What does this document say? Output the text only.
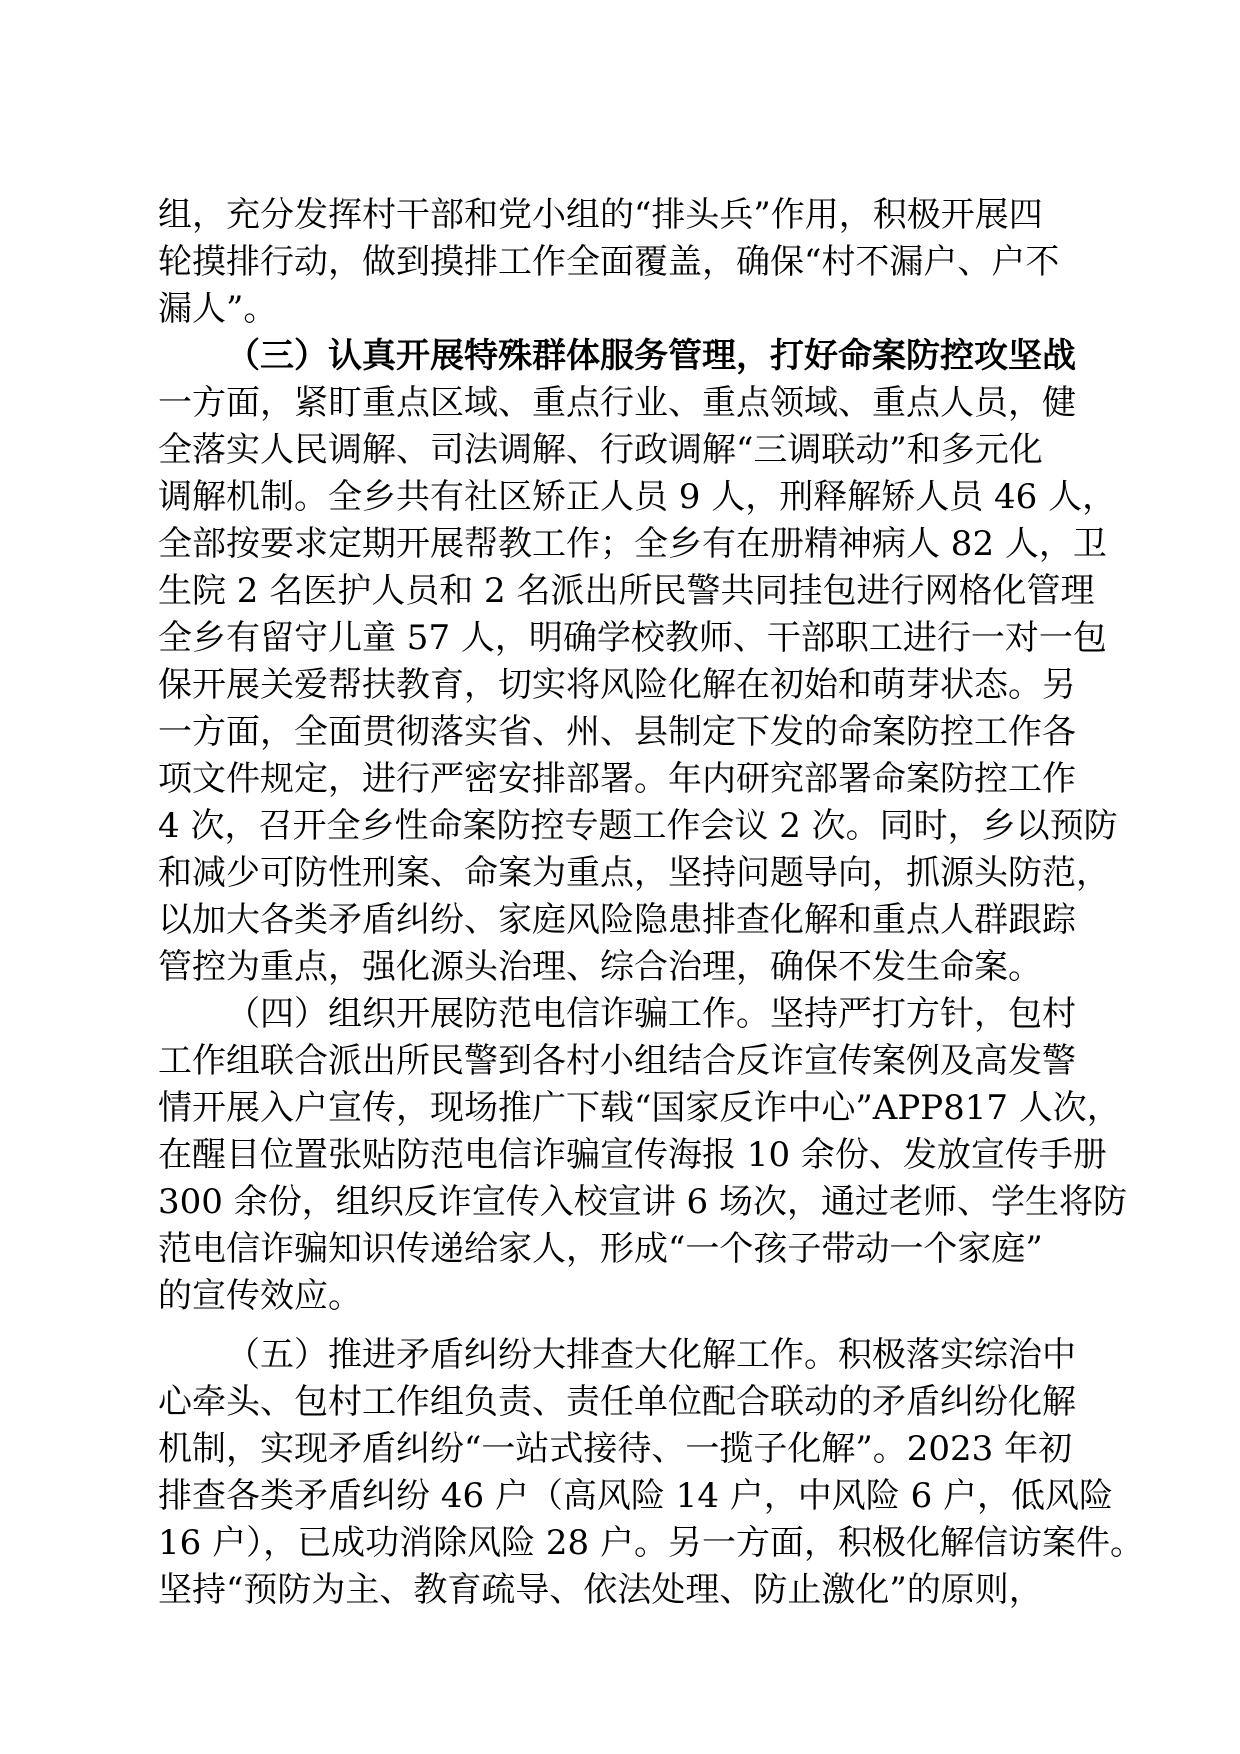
组，充分发挥村干部和党小组的“排头兵”作用，积极开展四
轮摸排行动，做到摸排工作全面覆盖，确保“村不漏户、户不
漏人”。
（三）认真开展特殊群体服务管理，打好命案防控攻坚战
一方面，紧盯重点区域、重点行业、重点领域、重点人员，健
全落实人民调解、司法调解、行政调解“三调联动”和多元化
调解机制。全乡共有社区矫正人员 9 人，刑释解矫人员 46 人，
全部按要求定期开展帮教工作；全乡有在册精神病人 82 人，卫
生院 2 名医护人员和 2 名派出所民警共同挂包进行网格化管理
全乡有留守儿童 57 人，明确学校教师、干部职工进行一对一包
保开展关爱帮扶教育，切实将风险化解在初始和萌芽状态。另
一方面，全面贯彻落实省、州、县制定下发的命案防控工作各
项文件规定，进行严密安排部署。年内研究部署命案防控工作
4 次，召开全乡性命案防控专题工作会议 2 次。同时，乡以预防
和减少可防性刑案、命案为重点，坚持问题导向，抓源头防范，
以加大各类矛盾纠纷、家庭风险隐患排查化解和重点人群跟踪
管控为重点，强化源头治理、综合治理，确保不发生命案。
（四）组织开展防范电信诈骗工作。坚持严打方针，包村
工作组联合派出所民警到各村小组结合反诈宣传案例及高发警
情开展入户宣传，现场推广下载“国家反诈中心”APP817 人次，
在醒目位置张贴防范电信诈骗宣传海报 10 余份、发放宣传手册
300 余份，组织反诈宣传入校宣讲 6 场次，通过老师、学生将防
范电信诈骗知识传递给家人，形成“一个孩子带动一个家庭”
的宣传效应。
（五）推进矛盾纠纷大排查大化解工作。积极落实综治中
心牵头、包村工作组负责、责任单位配合联动的矛盾纠纷化解
机制，实现矛盾纠纷“一站式接待、一揽子化解”。2023 年初
排查各类矛盾纠纷 46 户（高风险 14 户，中风险 6 户，低风险
16 户），已成功消除风险 28 户。另一方面，积极化解信访案件。
坚持“预防为主、教育疏导、依法处理、防止激化”的原则，
